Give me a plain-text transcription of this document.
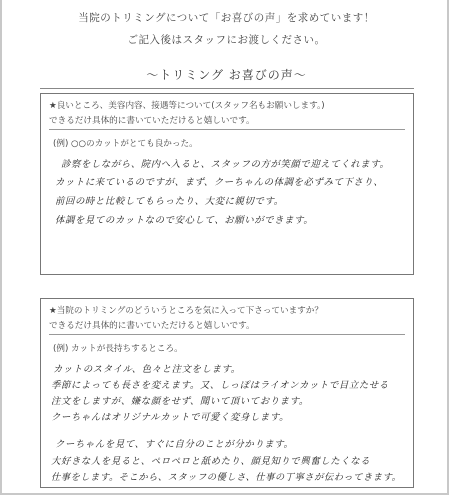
当院のトリミングについて「お喜びの声」を求めています！
ご記入後はスタッフにお渡しください。
〜トリミング お喜びの声〜
★良いところ、美容内容、接遇等について(スタッフ名もお願いします。)
できるだけ具体的に書いていただけると嬉しいです。
(例) ○○のカットがとても良かった。
診察をしながら、院内へ入ると、スタッフの方が笑顔で迎えてくれます。
カットに来ているのですが、まず、クーちゃんの体調を必ずみて下さり、
前回の時と比較してもらったり、大変に親切です。
体調を見てのカットなので安心して、お願いができます。
★当院のトリミングのどういうところを気に入って下さっていますか？
できるだけ具体的に書いていただけると嬉しいです。
(例) カットが長持ちするところ。
カットのスタイル、色々と注文をします。
季節によっても長さを変えます。又、しっぽはライオンカットで目立たせる
注文をしますが、嫌な顔をせず、聞いて頂いております。
クーちゃんはオリジナルカットで可愛く変身します。
クーちゃんを見て、すぐに自分のことが分かります。
大好きな人を見ると、ペロペロと舐めたり、顔見知りで興奮したくなる
仕事をします。そこから、スタッフの優しさ、仕事の丁寧さが伝わってきます。
